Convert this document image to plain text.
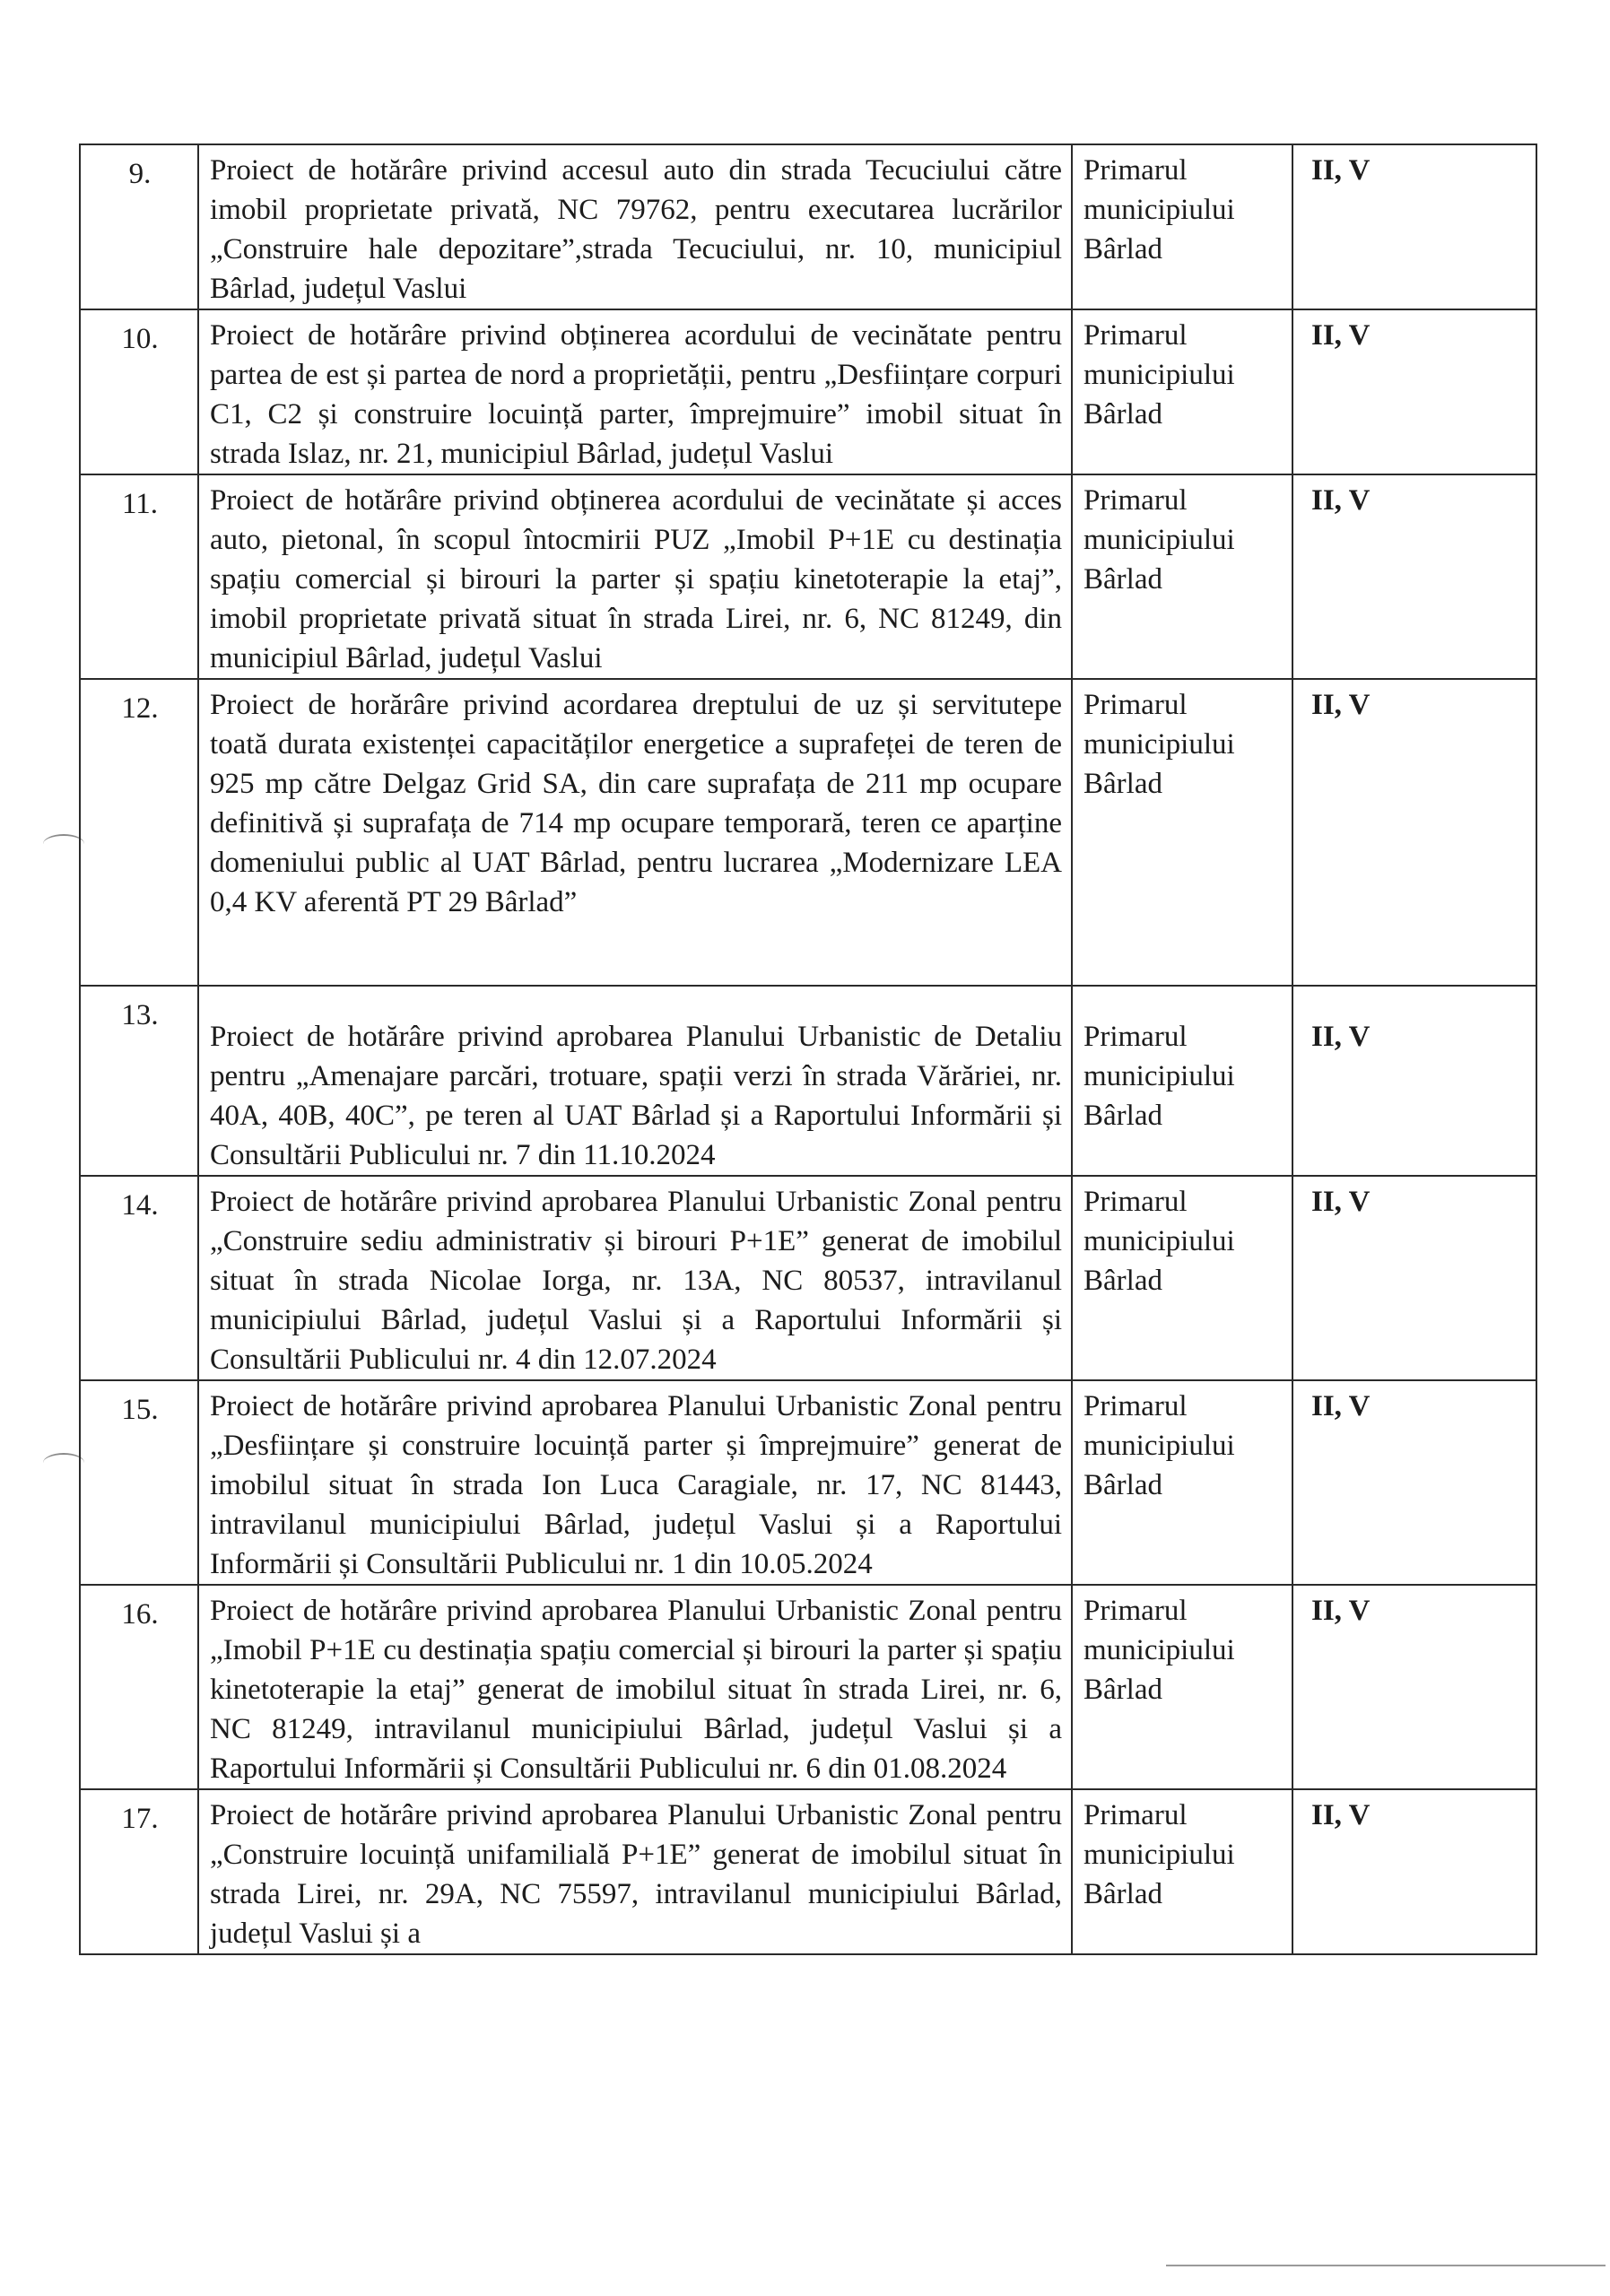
9.	Proiect de hotărâre privind accesul auto din strada Tecuciului către imobil proprietate privată, NC 79762, pentru executarea lucrărilor „Construire hale depozitare”,strada Tecuciului, nr. 10, municipiul Bârlad, județul Vaslui	Primarul municipiului Bârlad	II, V
10.	Proiect de hotărâre privind obținerea acordului de vecinătate pentru partea de est și partea de nord a proprietății, pentru „Desființare corpuri C1, C2 și construire locuință parter, împrejmuire” imobil situat în strada Islaz, nr. 21, municipiul Bârlad, județul Vaslui	Primarul municipiului Bârlad	II, V
11.	Proiect de hotărâre privind obținerea acordului de vecinătate și acces auto, pietonal, în scopul întocmirii PUZ „Imobil P+1E cu destinația spațiu comercial și birouri la parter și spațiu kinetoterapie la etaj”, imobil proprietate privată situat în strada Lirei, nr. 6, NC 81249, din municipiul Bârlad, județul Vaslui	Primarul municipiului Bârlad	II, V
12.	Proiect de horărâre privind acordarea dreptului de uz și servitutepe toată durata existenței capacităților energetice a suprafeței de teren de 925 mp către Delgaz Grid SA, din care suprafața de 211 mp ocupare definitivă și suprafața de 714 mp ocupare temporară, teren ce aparține domeniului public al UAT Bârlad, pentru lucrarea „Modernizare LEA 0,4 KV aferentă PT 29 Bârlad”	Primarul municipiului Bârlad	II, V
13.	Proiect de hotărâre privind aprobarea Planului Urbanistic de Detaliu pentru „Amenajare parcări, trotuare, spații verzi în strada Vărăriei, nr. 40A, 40B, 40C”, pe teren al UAT Bârlad și a Raportului Informării și Consultării Publicului nr. 7 din 11.10.2024	Primarul municipiului Bârlad	II, V
14.	Proiect de hotărâre privind aprobarea Planului Urbanistic Zonal pentru „Construire sediu administrativ și birouri P+1E” generat de imobilul situat în strada Nicolae Iorga, nr. 13A, NC 80537, intravilanul municipiului Bârlad, județul Vaslui și a Raportului Informării și Consultării Publicului nr. 4 din 12.07.2024	Primarul municipiului Bârlad	II, V
15.	Proiect de hotărâre privind aprobarea Planului Urbanistic Zonal pentru „Desființare și construire locuință parter și împrejmuire” generat de imobilul situat în strada Ion Luca Caragiale, nr. 17, NC 81443, intravilanul municipiului Bârlad, județul Vaslui și a Raportului Informării și Consultării Publicului nr. 1 din 10.05.2024	Primarul municipiului Bârlad	II, V
16.	Proiect de hotărâre privind aprobarea Planului Urbanistic Zonal pentru „Imobil P+1E cu destinația spațiu comercial și birouri la parter și spațiu kinetoterapie la etaj” generat de imobilul situat în strada Lirei, nr. 6, NC 81249, intravilanul municipiului Bârlad, județul Vaslui și a Raportului Informării și Consultării Publicului nr. 6 din 01.08.2024	Primarul municipiului Bârlad	II, V
17.	Proiect de hotărâre privind aprobarea Planului Urbanistic Zonal pentru „Construire locuință unifamilială P+1E” generat de imobilul situat în strada Lirei, nr. 29A, NC 75597, intravilanul municipiului Bârlad, județul Vaslui și a	Primarul municipiului Bârlad	II, V
